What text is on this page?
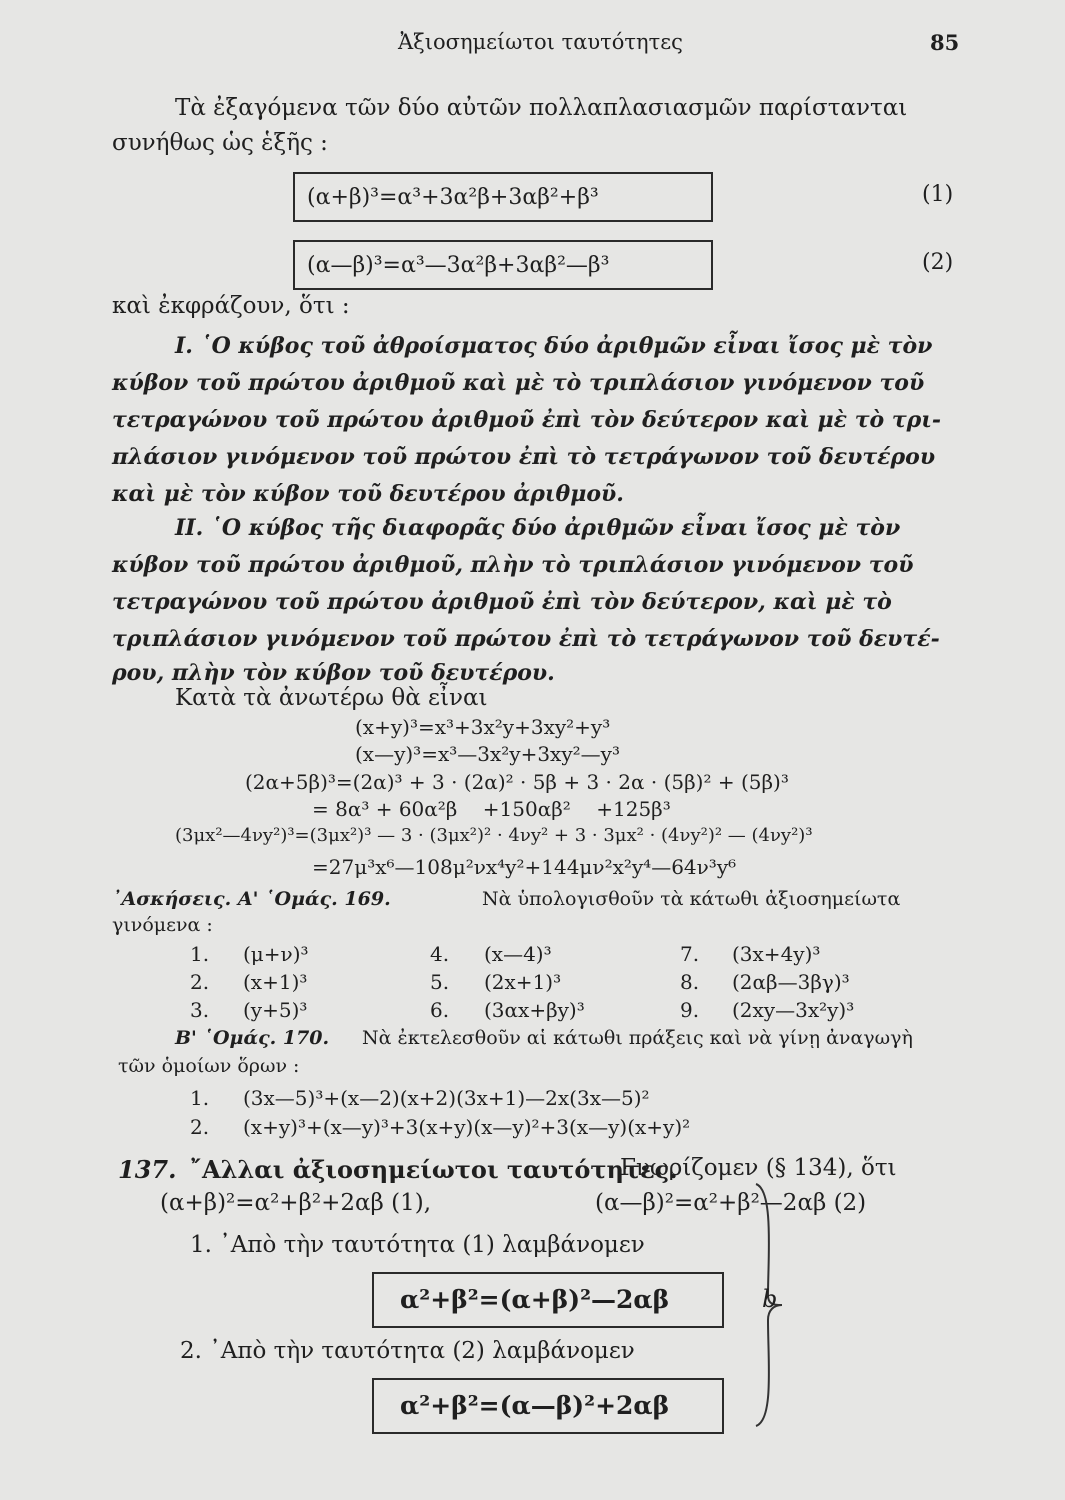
Ἀξιοσημείωτοι ταυτότητες	85
Τὰ ἐξαγόμενα τῶν δύο αὐτῶν πολλαπλασιασμῶν παρίστανται
συνήθως ὡς ἑξῆς :
(α+β)³=α³+3α²β+3αβ²+β³	(1)
(α—β)³=α³—3α²β+3αβ²—β³	(2)
καὶ ἐκφράζουν, ὅτι :
I. ῾Ο κύβος τοῦ ἀθροίσματος δύο ἀριθμῶν εἶναι ἴσος μὲ τὸν
κύβον τοῦ πρώτου ἀριθμοῦ καὶ μὲ τὸ τριπλάσιον γινόμενον τοῦ
τετραγώνου τοῦ πρώτου ἀριθμοῦ ἐπὶ τὸν δεύτερον καὶ μὲ τὸ τρι-
πλάσιον γινόμενον τοῦ πρώτου ἐπὶ τὸ τετράγωνον τοῦ δευτέρου
καὶ μὲ τὸν κύβον τοῦ δευτέρου ἀριθμοῦ.
II. ῾Ο κύβος τῆς διαφορᾶς δύο ἀριθμῶν εἶναι ἴσος μὲ τὸν
κύβον τοῦ πρώτου ἀριθμοῦ, πλὴν τὸ τριπλάσιον γινόμενον τοῦ
τετραγώνου τοῦ πρώτου ἀριθμοῦ ἐπὶ τὸν δεύτερον, καὶ μὲ τὸ
τριπλάσιον γινόμενον τοῦ πρώτου ἐπὶ τὸ τετράγωνον τοῦ δευτέ-
ρου, πλὴν τὸν κύβον τοῦ δευτέρου.
Κατὰ τὰ ἀνωτέρω θὰ εἶναι
(x+y)³=x³+3x²y+3xy²+y³
(x—y)³=x³—3x²y+3xy²—y³
(2α+5β)³=(2α)³ + 3 · (2α)² · 5β + 3 · 2α · (5β)² + (5β)³
= 8α³ + 60α²β    +150αβ²    +125β³
(3μx²—4νy²)³=(3μx²)³ — 3 · (3μx²)² · 4νy² + 3 · 3μx² · (4νy²)² — (4νy²)³
=27μ³x⁶—108μ²νx⁴y²+144μν²x²y⁴—64ν³y⁶
᾿Ασκήσεις. Α' ῾Ομάς. 169.	Νὰ ὑπολογισθοῦν τὰ κάτωθι ἀξιοσημείωτα
γινόμενα :
1. (μ+ν)³	4. (x—4)³	7. (3x+4y)³
2. (x+1)³	5. (2x+1)³	8. (2αβ—3βγ)³
3. (y+5)³	6. (3αx+βy)³	9. (2xy—3x²y)³
Β' ῾Ομάς. 170. Νὰ ἐκτελεσθοῦν αἱ κάτωθι πράξεις καὶ νὰ γίνῃ ἀναγωγὴ
τῶν ὁμοίων ὅρων :
1. (3x—5)³+(x—2)(x+2)(3x+1)—2x(3x—5)²
2. (x+y)³+(x—y)³+3(x+y)(x—y)²+3(x—y)(x+y)²
137. ῎Αλλαι ἀξιοσημείωτοι ταυτότητες.
Γνωρίζομεν (§ 134), ὅτι
(α+β)²=α²+β²+2αβ (1),	(α—β)²=α²+β²—2αβ (2)
1. ᾿Απὸ τὴν ταυτότητα (1) λαμβάνομεν
α²+β²=(α+β)²—2αβ
2. ᾿Απὸ τὴν ταυτότητα (2) λαμβάνομεν
α²+β²=(α—β)²+2αβ
b
